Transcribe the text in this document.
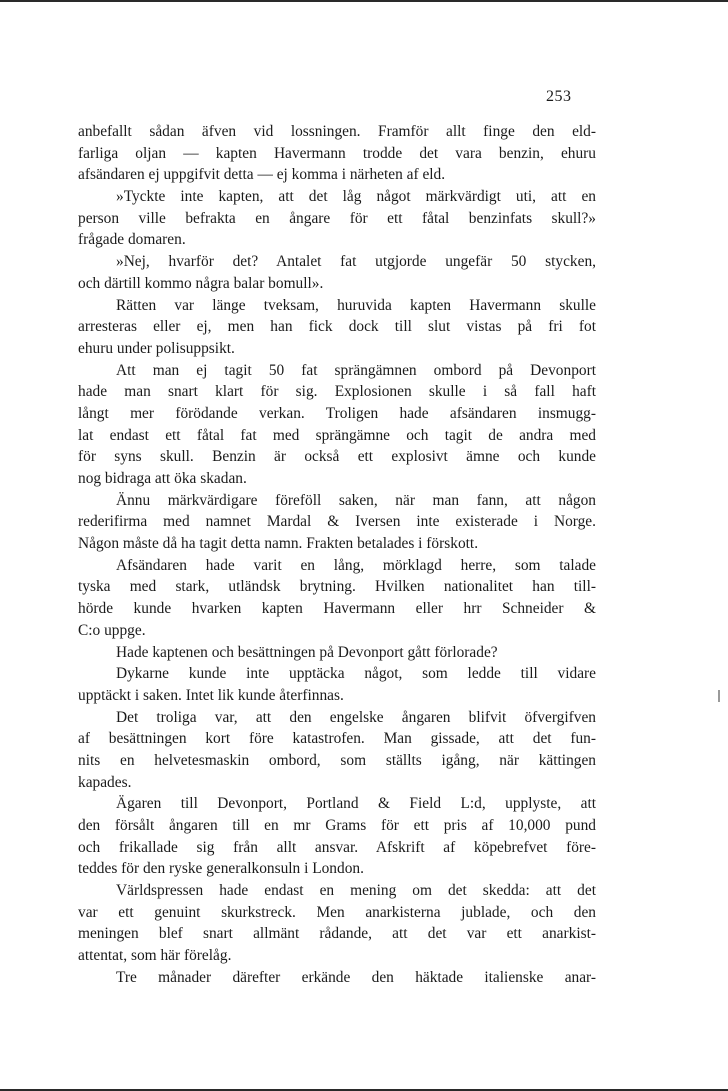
253
anbefallt sådan äfven vid lossningen. Framför allt finge den eld-
farliga oljan — kapten Havermann trodde det vara benzin, ehuru
afsändaren ej uppgifvit detta — ej komma i närheten af eld.
»Tyckte inte kapten, att det låg något märkvärdigt uti, att en
person ville befrakta en ångare för ett fåtal benzinfats skull?»
frågade domaren.
»Nej, hvarför det? Antalet fat utgjorde ungefär 50 stycken,
och därtill kommo några balar bomull».
Rätten var länge tveksam, huruvida kapten Havermann skulle
arresteras eller ej, men han fick dock till slut vistas på fri fot
ehuru under polisuppsikt.
Att man ej tagit 50 fat sprängämnen ombord på Devonport
hade man snart klart för sig. Explosionen skulle i så fall haft
långt mer förödande verkan. Troligen hade afsändaren insmugg-
lat endast ett fåtal fat med sprängämne och tagit de andra med
för syns skull. Benzin är också ett explosivt ämne och kunde
nog bidraga att öka skadan.
Ännu märkvärdigare föreföll saken, när man fann, att någon
rederifirma med namnet Mardal & Iversen inte existerade i Norge.
Någon måste då ha tagit detta namn. Frakten betalades i förskott.
Afsändaren hade varit en lång, mörklagd herre, som talade
tyska med stark, utländsk brytning. Hvilken nationalitet han till-
hörde kunde hvarken kapten Havermann eller hrr Schneider &
C:o uppge.
Hade kaptenen och besättningen på Devonport gått förlorade?
Dykarne kunde inte upptäcka något, som ledde till vidare
upptäckt i saken. Intet lik kunde återfinnas.
Det troliga var, att den engelske ångaren blifvit öfvergifven
af besättningen kort före katastrofen. Man gissade, att det fun-
nits en helvetesmaskin ombord, som ställts igång, när kättingen
kapades.
Ägaren till Devonport, Portland & Field L:d, upplyste, att
den försålt ångaren till en mr Grams för ett pris af 10,000 pund
och frikallade sig från allt ansvar. Afskrift af köpebrefvet före-
teddes för den ryske generalkonsuln i London.
Världspressen hade endast en mening om det skedda: att det
var ett genuint skurkstreck. Men anarkisterna jublade, och den
meningen blef snart allmänt rådande, att det var ett anarkist-
attentat, som här förelåg.
Tre månader därefter erkände den häktade italienske anar-
